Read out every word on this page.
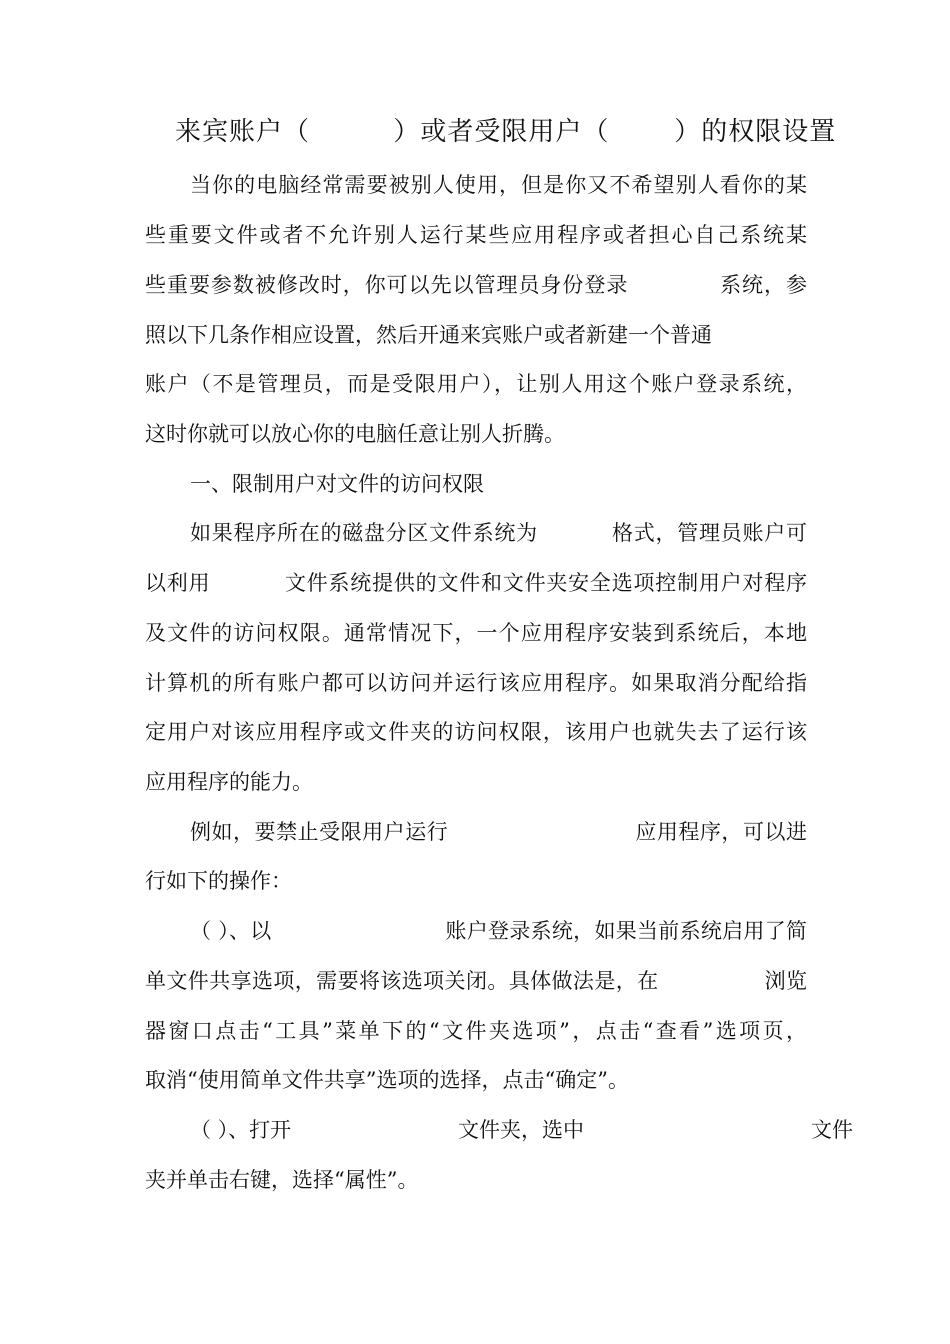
来宾账户（         ）或者受限用户（       ）的权限设置
当你的电脑经常需要被别人使用，但是你又不希望别人看你的某
些重要文件或者不允许别人运行某些应用程序或者担心自己系统某
些重要参数被修改时，你可以先以管理员身份登录            系统，参
照以下几条作相应设置，然后开通来宾账户或者新建一个普通
账户（不是管理员，而是受限用户），让别人用这个账户登录系统，
这时你就可以放心你的电脑任意让别人折腾。
一、限制用户对文件的访问权限
如果程序所在的磁盘分区文件系统为          格式，管理员账户可
以利用          文件系统提供的文件和文件夹安全选项控制用户对程序
及文件的访问权限。通常情况下，一个应用程序安装到系统后，本地
计算机的所有账户都可以访问并运行该应用程序。如果取消分配给指
定用户对该应用程序或文件夹的访问权限，该用户也就失去了运行该
应用程序的能力。
例如，要禁止受限用户运行                          应用程序，可以进
行如下的操作：
（ ）、以                         账户登录系统，如果当前系统启用了简
单文件共享选项，需要将该选项关闭。具体做法是，在               浏览
器窗口点击“工具”菜单下的“文件夹选项”，点击“查看”选项页，
取消“使用简单文件共享”选项的选择，点击“确定”。
（ ）、打开                         文件夹，选中                                  文件
夹并单击右键，选择“属性”。
